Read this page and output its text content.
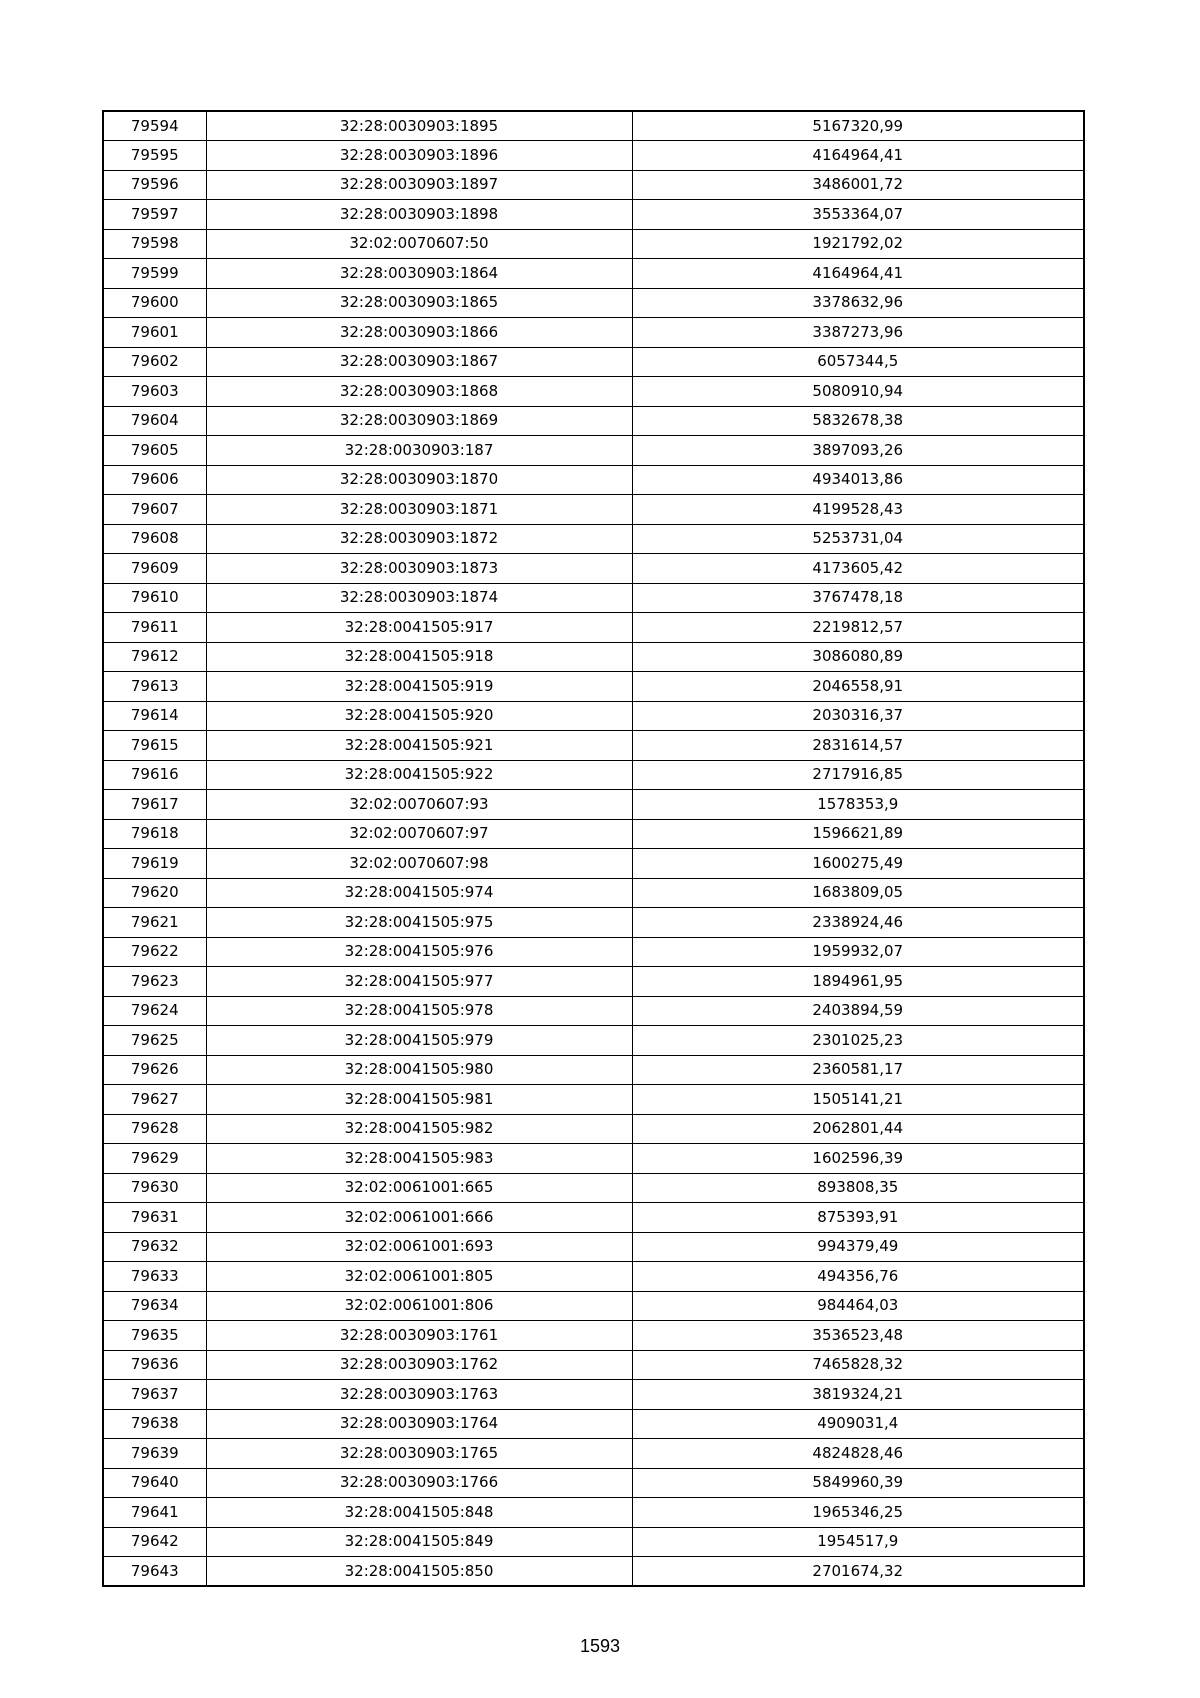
79594	32:28:0030903:1895	5167320,99
79595	32:28:0030903:1896	4164964,41
79596	32:28:0030903:1897	3486001,72
79597	32:28:0030903:1898	3553364,07
79598	32:02:0070607:50	1921792,02
79599	32:28:0030903:1864	4164964,41
79600	32:28:0030903:1865	3378632,96
79601	32:28:0030903:1866	3387273,96
79602	32:28:0030903:1867	6057344,5
79603	32:28:0030903:1868	5080910,94
79604	32:28:0030903:1869	5832678,38
79605	32:28:0030903:187	3897093,26
79606	32:28:0030903:1870	4934013,86
79607	32:28:0030903:1871	4199528,43
79608	32:28:0030903:1872	5253731,04
79609	32:28:0030903:1873	4173605,42
79610	32:28:0030903:1874	3767478,18
79611	32:28:0041505:917	2219812,57
79612	32:28:0041505:918	3086080,89
79613	32:28:0041505:919	2046558,91
79614	32:28:0041505:920	2030316,37
79615	32:28:0041505:921	2831614,57
79616	32:28:0041505:922	2717916,85
79617	32:02:0070607:93	1578353,9
79618	32:02:0070607:97	1596621,89
79619	32:02:0070607:98	1600275,49
79620	32:28:0041505:974	1683809,05
79621	32:28:0041505:975	2338924,46
79622	32:28:0041505:976	1959932,07
79623	32:28:0041505:977	1894961,95
79624	32:28:0041505:978	2403894,59
79625	32:28:0041505:979	2301025,23
79626	32:28:0041505:980	2360581,17
79627	32:28:0041505:981	1505141,21
79628	32:28:0041505:982	2062801,44
79629	32:28:0041505:983	1602596,39
79630	32:02:0061001:665	893808,35
79631	32:02:0061001:666	875393,91
79632	32:02:0061001:693	994379,49
79633	32:02:0061001:805	494356,76
79634	32:02:0061001:806	984464,03
79635	32:28:0030903:1761	3536523,48
79636	32:28:0030903:1762	7465828,32
79637	32:28:0030903:1763	3819324,21
79638	32:28:0030903:1764	4909031,4
79639	32:28:0030903:1765	4824828,46
79640	32:28:0030903:1766	5849960,39
79641	32:28:0041505:848	1965346,25
79642	32:28:0041505:849	1954517,9
79643	32:28:0041505:850	2701674,32
1593
